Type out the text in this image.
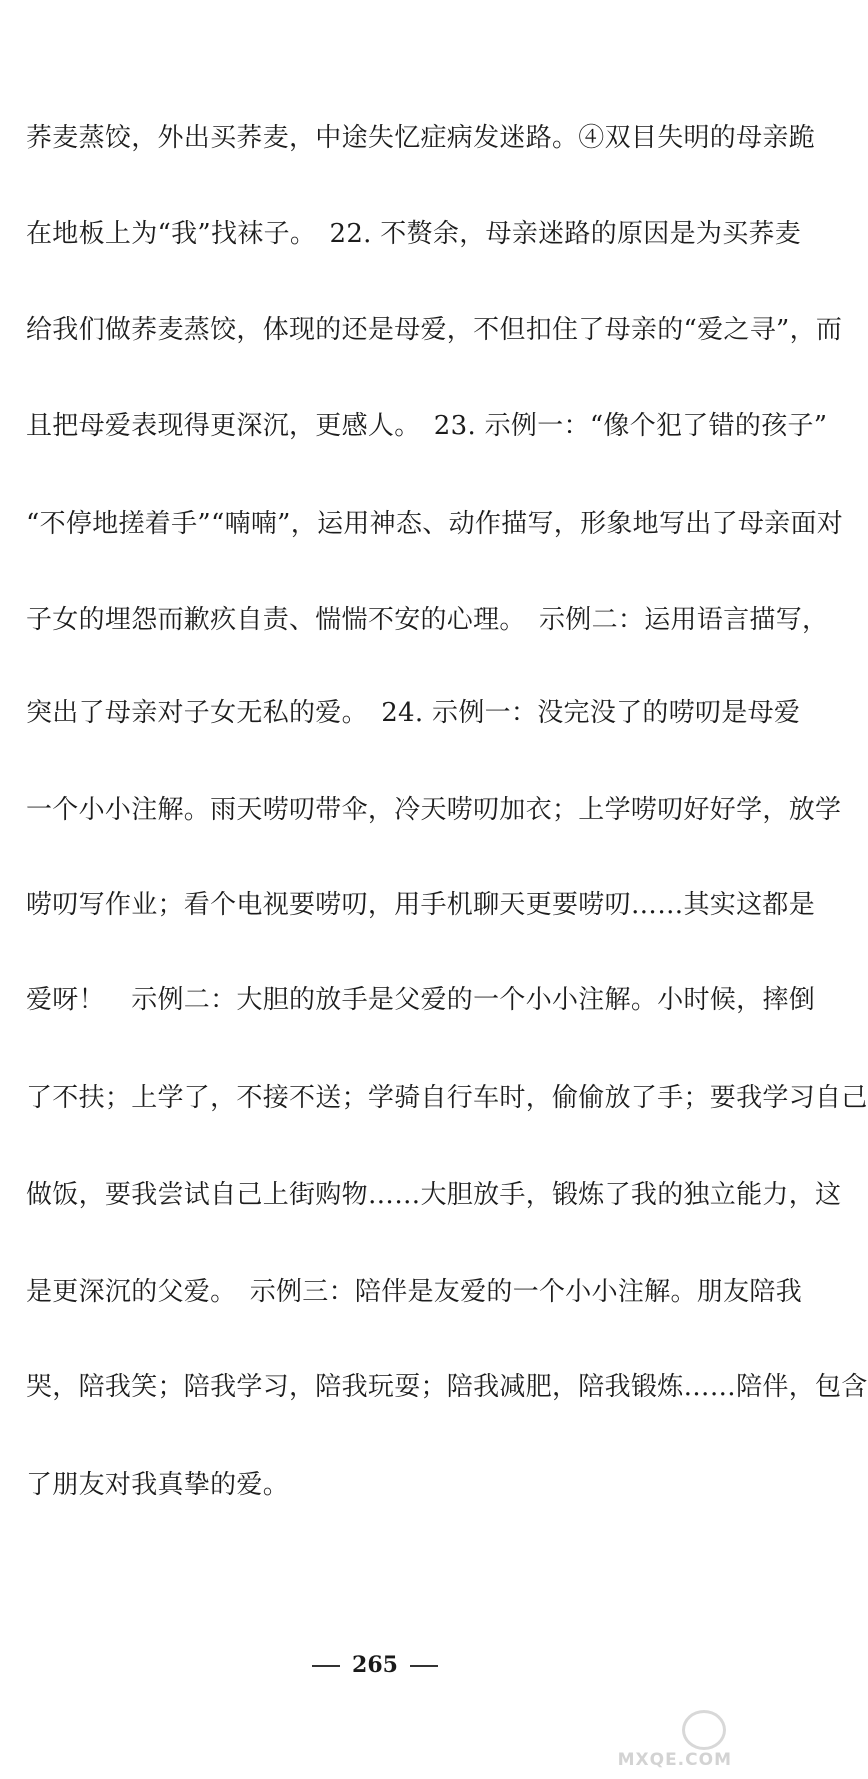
荞麦蒸饺，外出买荞麦，中途失忆症病发迷路。④双目失明的母亲跪
在地板上为“我”找袜子。　22. 不赘余，母亲迷路的原因是为买荞麦
给我们做荞麦蒸饺，体现的还是母爱，不但扣住了母亲的“爱之寻”，而
且把母爱表现得更深沉，更感人。　23. 示例一：“像个犯了错的孩子”
“不停地搓着手”“喃喃”，运用神态、动作描写，形象地写出了母亲面对
子女的埋怨而歉疚自责、惴惴不安的心理。　示例二：运用语言描写，
突出了母亲对子女无私的爱。　24. 示例一：没完没了的唠叨是母爱
一个小小注解。雨天唠叨带伞，冷天唠叨加衣；上学唠叨好好学，放学
唠叨写作业；看个电视要唠叨，用手机聊天更要唠叨……其实这都是
爱呀！　示例二：大胆的放手是父爱的一个小小注解。小时候，摔倒
了不扶；上学了，不接不送；学骑自行车时，偷偷放了手；要我学习自己
做饭，要我尝试自己上街购物……大胆放手，锻炼了我的独立能力，这
是更深沉的父爱。　示例三：陪伴是友爱的一个小小注解。朋友陪我
哭，陪我笑；陪我学习，陪我玩耍；陪我减肥，陪我锻炼……陪伴，包含
了朋友对我真挚的爱。
265
MXQE.COM
